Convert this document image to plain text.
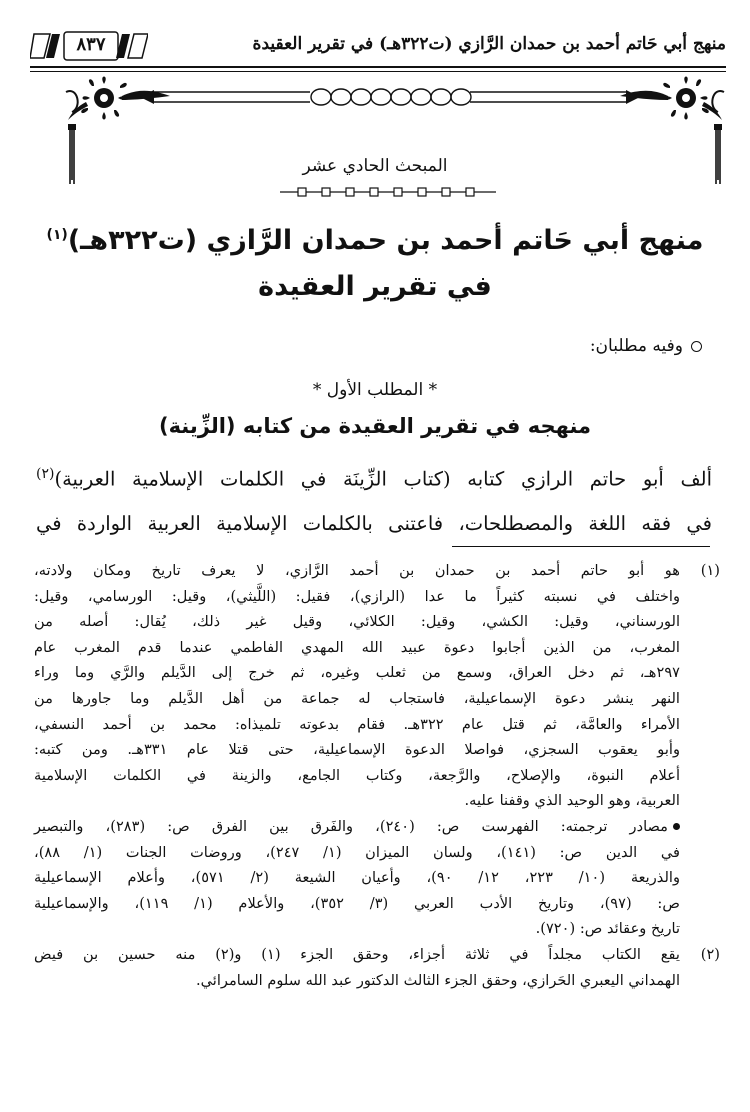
منهج أبي حَاتم أحمد بن حمدان الرَّازي (ت٣٢٢هـ) في تقرير العقيدة
٨٣٧
المبحث الحادي عشر
منهج أبي حَاتم أحمد بن حمدان الرَّازي (ت٣٢٢هـ)$^{(١)}$
في تقرير العقيدة
وفيه مطلبان:
* المطلب الأول *
منهجه في تقرير العقيدة من كتابه (الزِّينة)
ألف أبو حاتم الرازي كتابه (كتاب الزِّينَة في الكلمات الإسلامية العربية)$^{(٢)}$
في فقه اللغة والمصطلحات، فاعتنى بالكلمات الإسلامية العربية الواردة في
(١)
هو أبو حاتم أحمد بن حمدان بن أحمد الرَّازي، لا يعرف تاريخ ومكان ولادته،
واختلف في نسبته كثيراً ما عدا (الرازي)، فقيل: (اللَّيثي)، وقيل: الورسامي، وقيل:
الورسناني، وقيل: الكشي، وقيل: الكلائي، وقيل غير ذلك، يُقال: أصله من
المغرب، من الذين أجابوا دعوة عبيد الله المهدي الفاطمي عندما قدم المغرب عام
٢٩٧هـ، ثم دخل العراق، وسمع من ثعلب وغيره، ثم خرج إلى الدَّيلم والرَّي وما وراء
النهر ينشر دعوة الإسماعيلية، فاستجاب له جماعة من أهل الدَّيلم وما جاورها من
الأمراء والعامَّة، ثم قتل عام ٣٢٢هـ. فقام بدعوته تلميذاه: محمد بن أحمد النسفي،
وأبو يعقوب السجزي، فواصلا الدعوة الإسماعيلية، حتى قتلا عام ٣٣١هـ. ومن كتبه:
أعلام النبوة، والإصلاح، والرَّجعة، وكتاب الجامع، والزينة في الكلمات الإسلامية
العربية، وهو الوحيد الذي وقفنا عليه.
مصادر ترجمته: الفهرست ص: (٢٤٠)، والفَرق بين الفرق ص: (٢٨٣)، والتبصير
في الدين ص: (١٤١)، ولسان الميزان (١/ ٢٤٧)، وروضات الجنات (١/ ٨٨)،
والذريعة (١٠/ ٢٢٣، ١٢/ ٩٠)، وأعيان الشيعة (٢/ ٥٧١)، وأعلام الإسماعيلية
ص: (٩٧)، وتاريخ الأدب العربي (٣/ ٣٥٢)، والأعلام (١/ ١١٩)، والإسماعيلية
تاريخ وعقائد ص: (٧٢٠).
(٢)
يقع الكتاب مجلداً في ثلاثة أجزاء، وحقق الجزء (١) و(٢) منه حسين بن فيض
الهمداني اليعبري الحَرازي، وحقق الجزء الثالث الدكتور عبد الله سلوم السامرائي.
